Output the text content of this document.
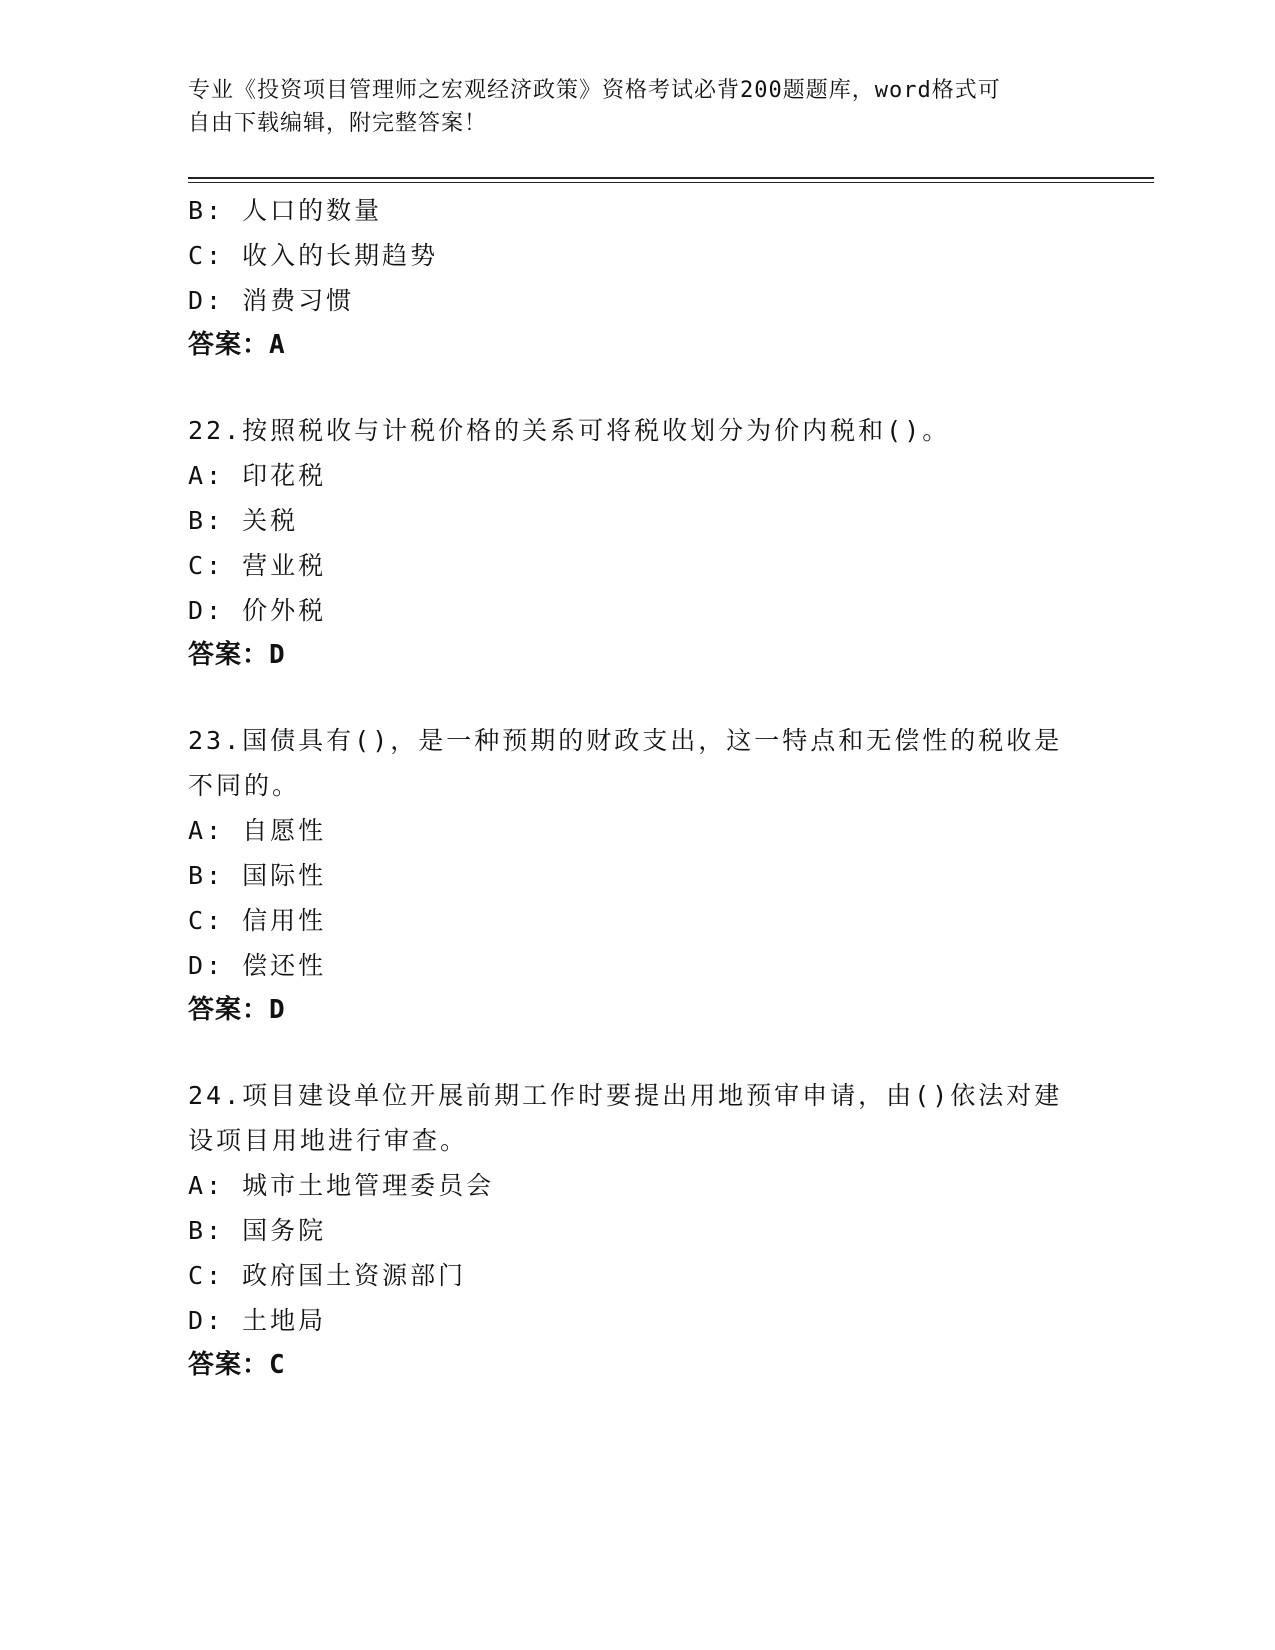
专业《投资项目管理师之宏观经济政策》资格考试必背200题题库，word格式可
自由下载编辑，附完整答案！
B: 人口的数量
C: 收入的长期趋势
D: 消费习惯
答案：A
22.按照税收与计税价格的关系可将税收划分为价内税和()。
A: 印花税
B: 关税
C: 营业税
D: 价外税
答案：D
23.国债具有()，是一种预期的财政支出，这一特点和无偿性的税收是不同的。
A: 自愿性
B: 国际性
C: 信用性
D: 偿还性
答案：D
24.项目建设单位开展前期工作时要提出用地预审申请，由()依法对建设项目用地进行审查。
A: 城市土地管理委员会
B: 国务院
C: 政府国土资源部门
D: 土地局
答案：C
